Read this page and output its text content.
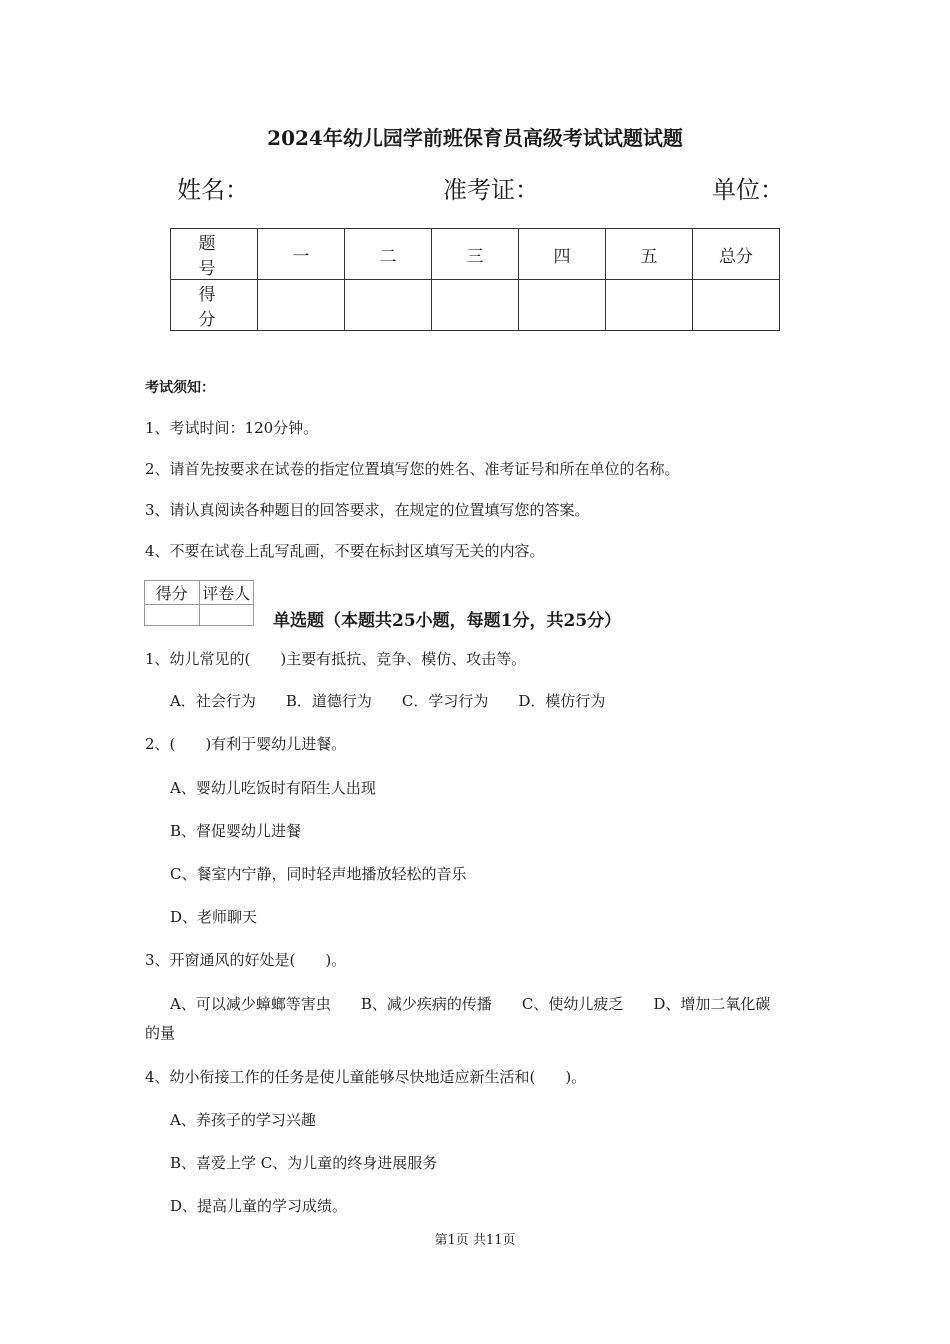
2024年幼儿园学前班保育员高级考试试题试题
姓名：	准考证：	单位：
题　号	一	二	三	四	五	总分
得　分						
考试须知：
1、考试时间：120分钟。
2、请首先按要求在试卷的指定位置填写您的姓名、准考证号和所在单位的名称。
3、请认真阅读各种题目的回答要求，在规定的位置填写您的答案。
4、不要在试卷上乱写乱画，不要在标封区填写无关的内容。
得分	评卷人

单选题（本题共25小题，每题1分，共25分）
1、幼儿常见的(　　)主要有抵抗、竞争、模仿、攻击等。
A．社会行为　　B．道德行为　　C．学习行为　　D．模仿行为
2、(　　)有利于婴幼儿进餐。
A、婴幼儿吃饭时有陌生人出现
B、督促婴幼儿进餐
C、餐室内宁静，同时轻声地播放轻松的音乐
D、老师聊天
3、开窗通风的好处是(　　)。
A、可以减少蟑螂等害虫　　B、减少疾病的传播　　C、使幼儿疲乏　　D、增加二氧化碳
的量
4、幼小衔接工作的任务是使儿童能够尽快地适应新生活和(　　)。
A、养孩子的学习兴趣
B、喜爱上学 C、为儿童的终身进展服务
D、提高儿童的学习成绩。
第1页 共11页
